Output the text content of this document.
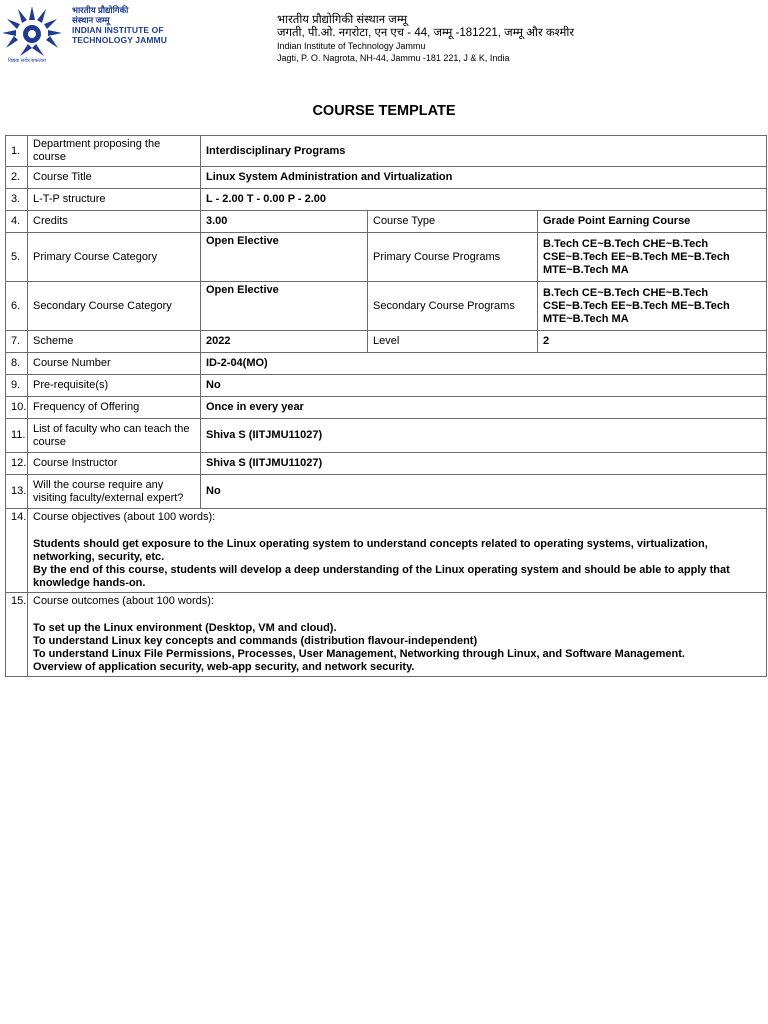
भारतीय प्रौद्योगिकी
संस्थान जम्मू
INDIAN INSTITUTE OF
TECHNOLOGY JAMMU
विद्यया सर्वत्र सफलता
भारतीय प्रौद्योगिकी संस्थान जम्मू
जगती, पी.ओ. नगरोटा, एन एच - 44, जम्मू -181221, जम्मू और कश्मीर
Indian Institute of Technology Jammu
Jagti, P. O. Nagrota, NH-44, Jammu -181 221, J & K, India
COURSE TEMPLATE
1.	Department proposing the course	Interdisciplinary Programs		
2.	Course Title	Linux System Administration and Virtualization		
3.	L-T-P structure	L - 2.00 T - 0.00 P - 2.00		
4.	Credits	3.00	Course Type	Grade Point Earning Course
5.	Primary Course Category	Open Elective	Primary Course Programs	B.Tech CE~B.Tech CHE~B.Tech CSE~B.Tech EE~B.Tech ME~B.Tech MTE~B.Tech MA
6.	Secondary Course Category	Open Elective	Secondary Course Programs	B.Tech CE~B.Tech CHE~B.Tech CSE~B.Tech EE~B.Tech ME~B.Tech MTE~B.Tech MA
7.	Scheme	2022	Level	2
8.	Course Number	ID-2-04(MO)		
9.	Pre-requisite(s)	No		
10.	Frequency of Offering	Once in every year		
11.	List of faculty who can teach the course	Shiva S (IITJMU11027)		
12.	Course Instructor	Shiva S (IITJMU11027)		
13.	Will the course require any visiting faculty/external expert?	No		
14.	Course objectives (about 100 words):
Students should get exposure to the Linux operating system to understand concepts related to operating systems, virtualization, networking, security, etc.
By the end of this course, students will develop a deep understanding of the Linux operating system and should be able to apply that knowledge hands-on.			

15.	Course outcomes (about 100 words):
To set up the Linux environment (Desktop, VM and cloud).
To understand Linux key concepts and commands (distribution flavour-independent)
To understand Linux File Permissions, Processes, User Management, Networking through Linux, and Software Management.
Overview of application security, web-app security, and network security.			
